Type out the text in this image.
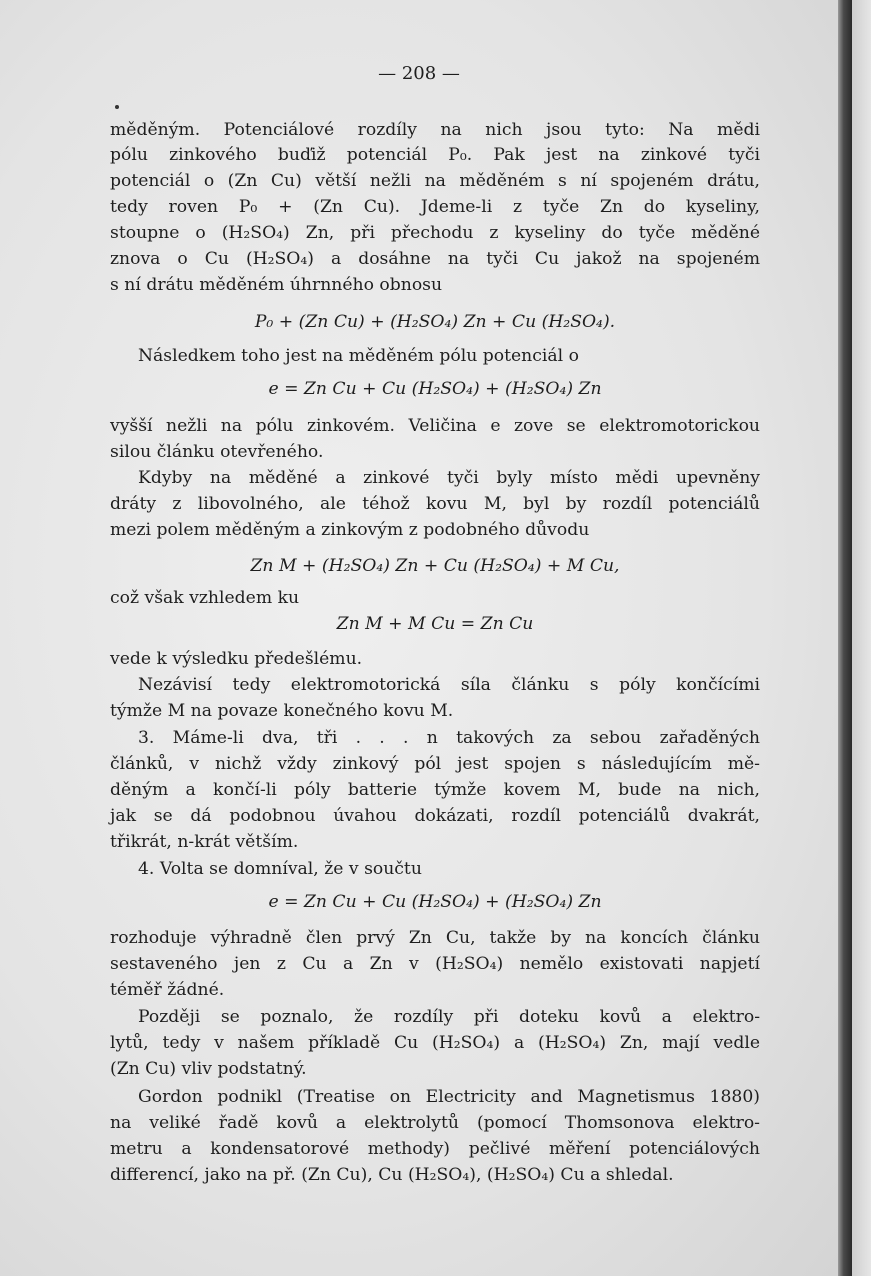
— 208 —
měděným. Potenciálové rozdíly na nich jsou tyto: Na mědi
pólu zinkového buďiž potenciál P₀. Pak jest na zinkové tyči
potenciál o (Zn Cu) větší nežli na měděném s ní spojeném drátu,
tedy roven P₀ + (Zn Cu). Jdeme-li z tyče Zn do kyseliny,
stoupne o (H₂SO₄) Zn, při přechodu z kyseliny do tyče měděné
znova o Cu (H₂SO₄) a dosáhne na tyči Cu jakož na spojeném
s ní drátu měděném úhrnného obnosu
P₀ + (Zn Cu) + (H₂SO₄) Zn + Cu (H₂SO₄).
Následkem toho jest na měděném pólu potenciál o
e = Zn Cu + Cu (H₂SO₄) + (H₂SO₄) Zn
vyšší nežli na pólu zinkovém. Veličina e zove se elektromotorickou
silou článku otevřeného.
Kdyby na měděné a zinkové tyči byly místo mědi upevněny
dráty z libovolného, ale téhož kovu M, byl by rozdíl potenciálů
mezi polem měděným a zinkovým z podobného důvodu
Zn M + (H₂SO₄) Zn + Cu (H₂SO₄) + M Cu,
což však vzhledem ku
Zn M + M Cu = Zn Cu
vede k výsledku předešlému.
Nezávisí tedy elektromotorická síla článku s póly končícími
týmže M na povaze konečného kovu M.
3. Máme-li dva, tři . . . n takových za sebou zařaděných
článků, v nichž vždy zinkový pól jest spojen s následujícím mě-
děným a končí-li póly batterie týmže kovem M, bude na nich,
jak se dá podobnou úvahou dokázati, rozdíl potenciálů dvakrát,
třikrát, n-krát větším.
4. Volta se domníval, že v součtu
e = Zn Cu + Cu (H₂SO₄) + (H₂SO₄) Zn
rozhoduje výhradně člen prvý Zn Cu, takže by na koncích článku
sestaveného jen z Cu a Zn v (H₂SO₄) nemělo existovati napjetí
téměř žádné.
Později se poznalo, že rozdíly při doteku kovů a elektro-
lytů, tedy v našem příkladě Cu (H₂SO₄) a (H₂SO₄) Zn, mají vedle
(Zn Cu) vliv podstatný.
Gordon podnikl (Treatise on Electricity and Magnetismus 1880)
na veliké řadě kovů a elektrolytů (pomocí Thomsonova elektro-
metru a kondensatorové methody) pečlivé měření potenciálových
differencí, jako na př. (Zn Cu), Cu (H₂SO₄), (H₂SO₄) Cu a shledal.
